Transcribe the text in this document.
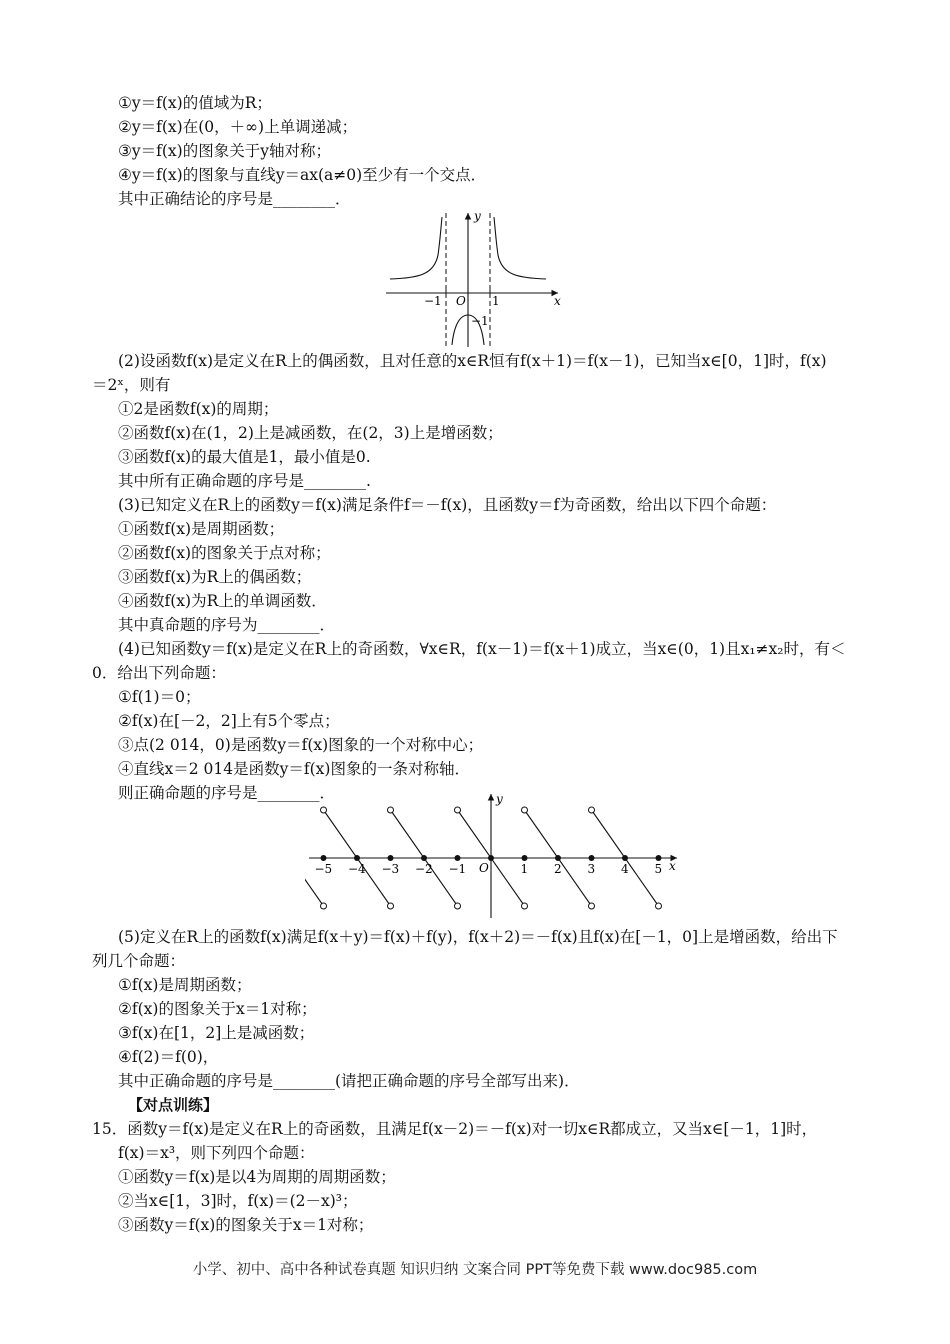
①y＝f(x)的值域为R；
②y＝f(x)在(0，＋∞)上单调递减；
③y＝f(x)的图象关于y轴对称；
④y＝f(x)的图象与直线y＝ax(a≠0)至少有一个交点．
其中正确结论的序号是________．
y
x
O
−1	1
−1
(2)设函数f(x)是定义在R上的偶函数，且对任意的x∈R恒有f(x＋1)＝f(x－1)，已知当x∈[0，1]时，f(x)
＝2ˣ，则有
①2是函数f(x)的周期；
②函数f(x)在(1，2)上是减函数，在(2，3)上是增函数；
③函数f(x)的最大值是1，最小值是0.
其中所有正确命题的序号是________.
(3)已知定义在R上的函数y＝f(x)满足条件f＝－f(x)，且函数y＝f为奇函数，给出以下四个命题：
①函数f(x)是周期函数；
②函数f(x)的图象关于点对称；
③函数f(x)为R上的偶函数；
④函数f(x)为R上的单调函数．
其中真命题的序号为________．
(4)已知函数y＝f(x)是定义在R上的奇函数，∀x∈R，f(x－1)＝f(x＋1)成立，当x∈(0，1)且x₁≠x₂时，有＜
0．给出下列命题：
①f(1)＝0；
②f(x)在[－2，2]上有5个零点；
③点(2 014，0)是函数y＝f(x)图象的一个对称中心；
④直线x＝2 014是函数y＝f(x)图象的一条对称轴．
则正确命题的序号是________．
−5 −4 −3 −2 −1	1 2 3 4 5
y
x
O
(5)定义在R上的函数f(x)满足f(x＋y)＝f(x)＋f(y)，f(x＋2)＝－f(x)且f(x)在[－1，0]上是增函数，给出下
列几个命题：
①f(x)是周期函数；
②f(x)的图象关于x＝1对称；
③f(x)在[1，2]上是减函数；
④f(2)＝f(0)，
其中正确命题的序号是________(请把正确命题的序号全部写出来)．
【对点训练】
15．函数y＝f(x)是定义在R上的奇函数，且满足f(x－2)＝－f(x)对一切x∈R都成立，又当x∈[－1，1]时，
f(x)＝x³，则下列四个命题：
①函数y＝f(x)是以4为周期的周期函数；
②当x∈[1，3]时，f(x)＝(2－x)³；
③函数y＝f(x)的图象关于x＝1对称；
小学、初中、高中各种试卷真题 知识归纳 文案合同 PPT等免费下载 www.doc985.com
